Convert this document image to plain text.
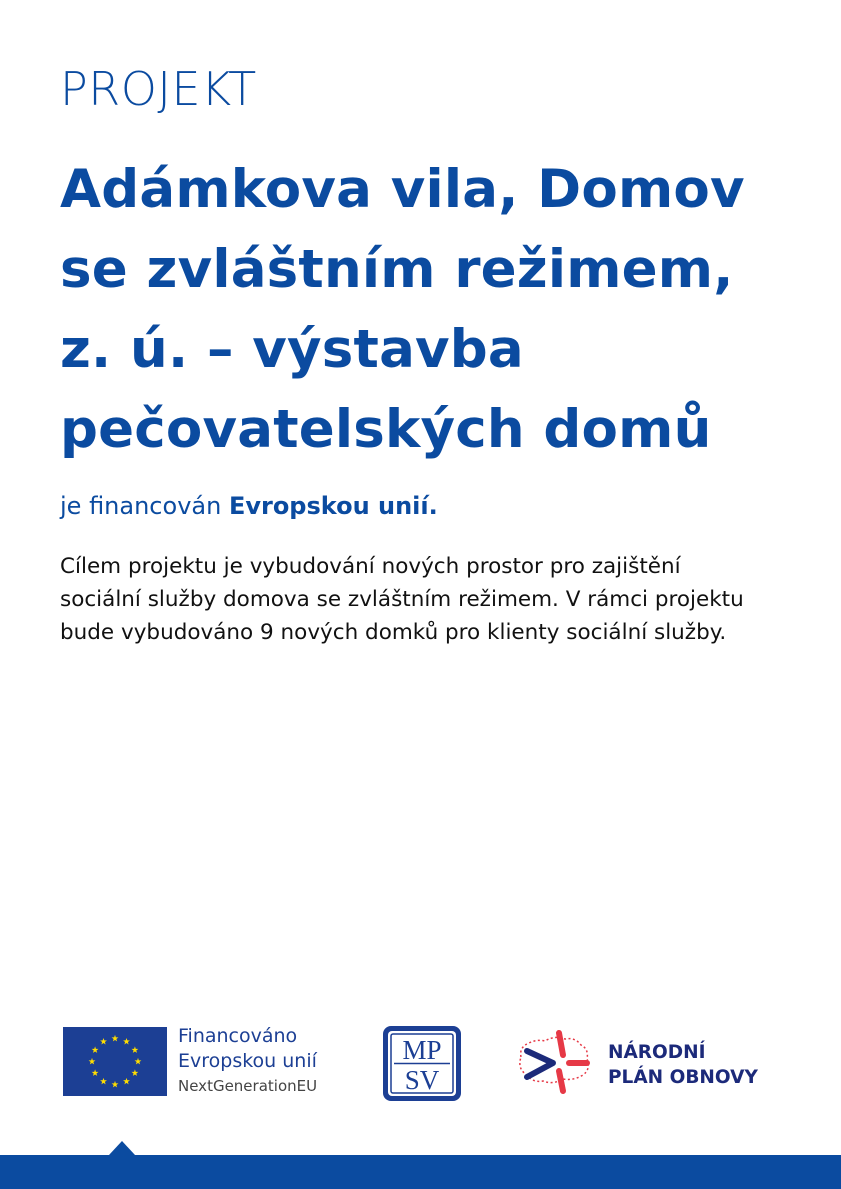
PROJEKT
Adámkova vila, Domov
se zvláštním režimem,
z. ú. – výstavba
pečovatelských domů
je financován Evropskou unií.

Cílem projektu je vybudování nových prostor pro zajištění
sociální služby domova se zvláštním režimem. V rámci projektu
bude vybudováno 9 nových domků pro klienty sociální služby.

Financováno
Evropskou unií
NextGenerationEU
MP
SV
NÁRODNÍ
PLÁN OBNOVY
